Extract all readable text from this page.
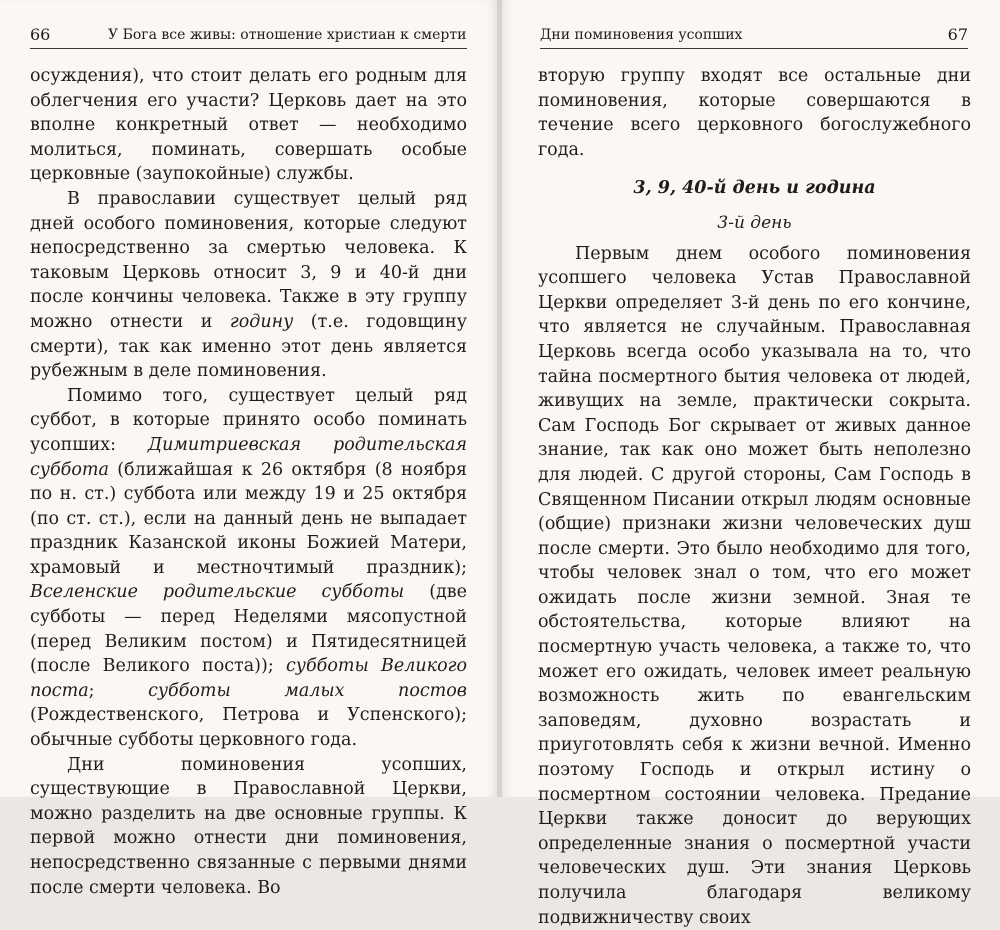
66	У Бога все живы: отношение христиан к смерти

осуждения), что стоит делать его родным для облегчения его участи? Церковь дает на это вполне конкретный ответ — необходимо молиться, поминать, совершать особые церковные (заупокойные) службы.

В православии существует целый ряд дней особого поминовения, которые следуют непосредственно за смертью человека. К таковым Церковь относит 3, 9 и 40-й дни после кончины человека. Также в эту группу можно отнести и годину (т.е. годовщину смерти), так как именно этот день является рубежным в деле поминовения.

Помимо того, существует целый ряд суббот, в которые принято особо поминать усопших: Димитриевская родительская суббота (ближайшая к 26 октября (8 ноября по н. ст.) суббота или между 19 и 25 октября (по ст. ст.), если на данный день не выпадает праздник Казанской иконы Божией Матери, храмовый и местночтимый праздник); Вселенские родительские субботы (две субботы — перед Неделями мясопустной (перед Великим постом) и Пятидесятницей (после Великого поста)); субботы Великого поста; субботы малых постов (Рождественского, Петрова и Успенского); обычные субботы церковного года.

Дни поминовения усопших, существующие в Православной Церкви, можно разделить на две основные группы. К первой можно отнести дни поминовения, непосредственно связанные с первыми днями после смерти человека. Во

Дни поминовения усопших	67

вторую группу входят все остальные дни поминовения, которые совершаются в течение всего церковного богослужебного года.

3, 9, 40-й день и година
3-й день

Первым днем особого поминовения усопшего человека Устав Православной Церкви определяет 3-й день по его кончине, что является не случайным. Православная Церковь всегда особо указывала на то, что тайна посмертного бытия человека от людей, живущих на земле, практически сокрыта. Сам Господь Бог скрывает от живых данное знание, так как оно может быть неполезно для людей. С другой стороны, Сам Господь в Священном Писании открыл людям основные (общие) признаки жизни человеческих душ после смерти. Это было необходимо для того, чтобы человек знал о том, что его может ожидать после жизни земной. Зная те обстоятельства, которые влияют на посмертную участь человека, а также то, что может его ожидать, человек имеет реальную возможность жить по евангельским заповедям, духовно возрастать и приуготовлять себя к жизни вечной. Именно поэтому Господь и открыл истину о посмертном состоянии человека. Предание Церкви также доносит до верующих определенные знания о посмертной участи человеческих душ. Эти знания Церковь получила благодаря великому подвижничеству своих
